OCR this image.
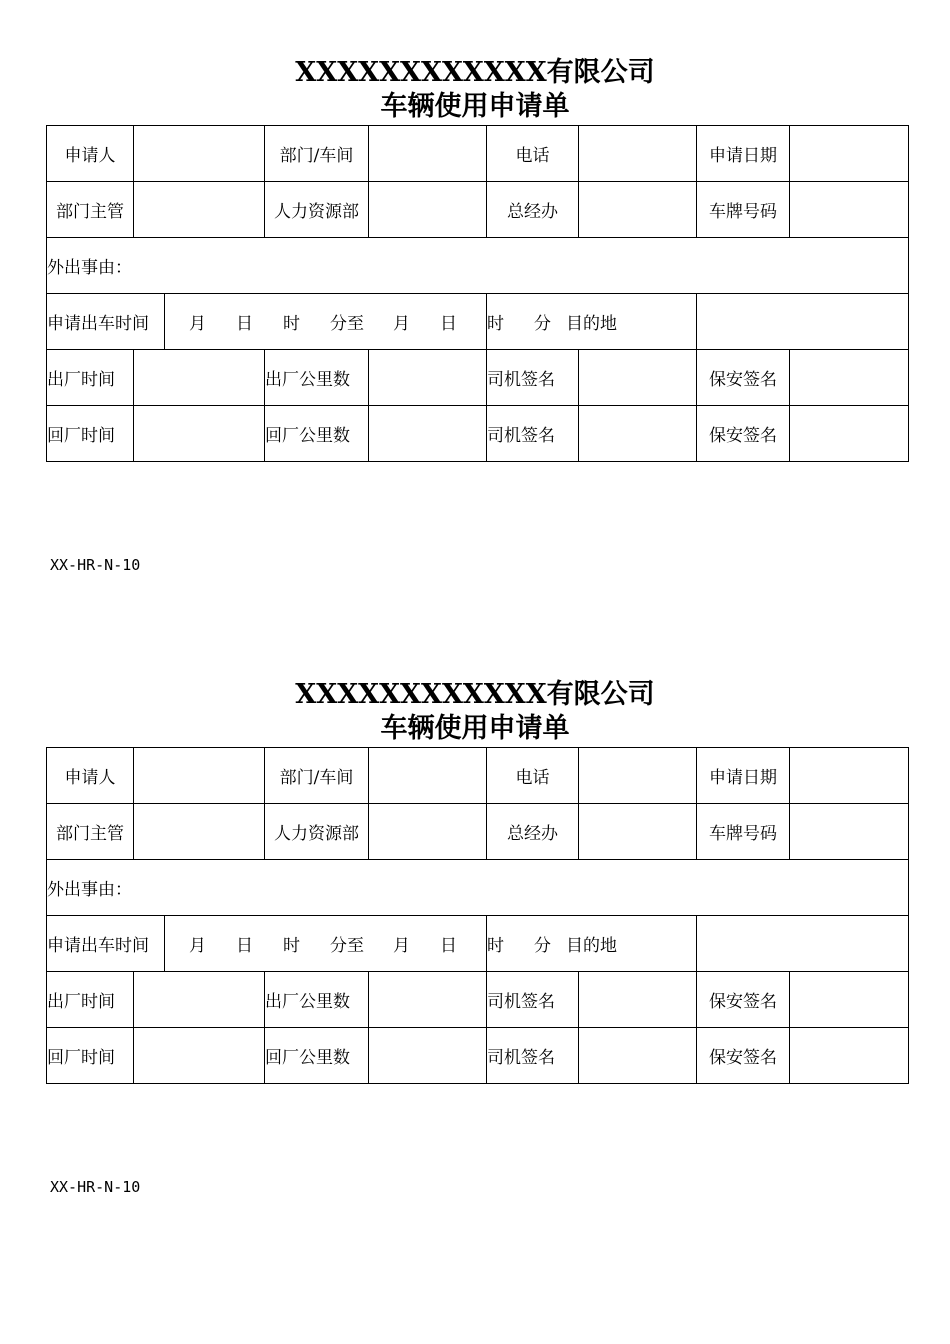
XXXXXXXXXXXX有限公司
车辆使用申请单
申请人			部门/车间		电话		申请日期	
部门主管			人力资源部		总经办		车牌号码	
外出事由：								
申请出车时间		月 日 时 分至 月 日 时 分			目的地			
出厂时间			出厂公里数		司机签名		保安签名	
回厂时间			回厂公里数		司机签名		保安签名	
XX-HR-N-10
XXXXXXXXXXXX有限公司
车辆使用申请单
申请人			部门/车间		电话		申请日期	
部门主管			人力资源部		总经办		车牌号码	
外出事由：								
申请出车时间		月 日 时 分至 月 日 时 分			目的地			
出厂时间			出厂公里数		司机签名		保安签名	
回厂时间			回厂公里数		司机签名		保安签名	
XX-HR-N-10
